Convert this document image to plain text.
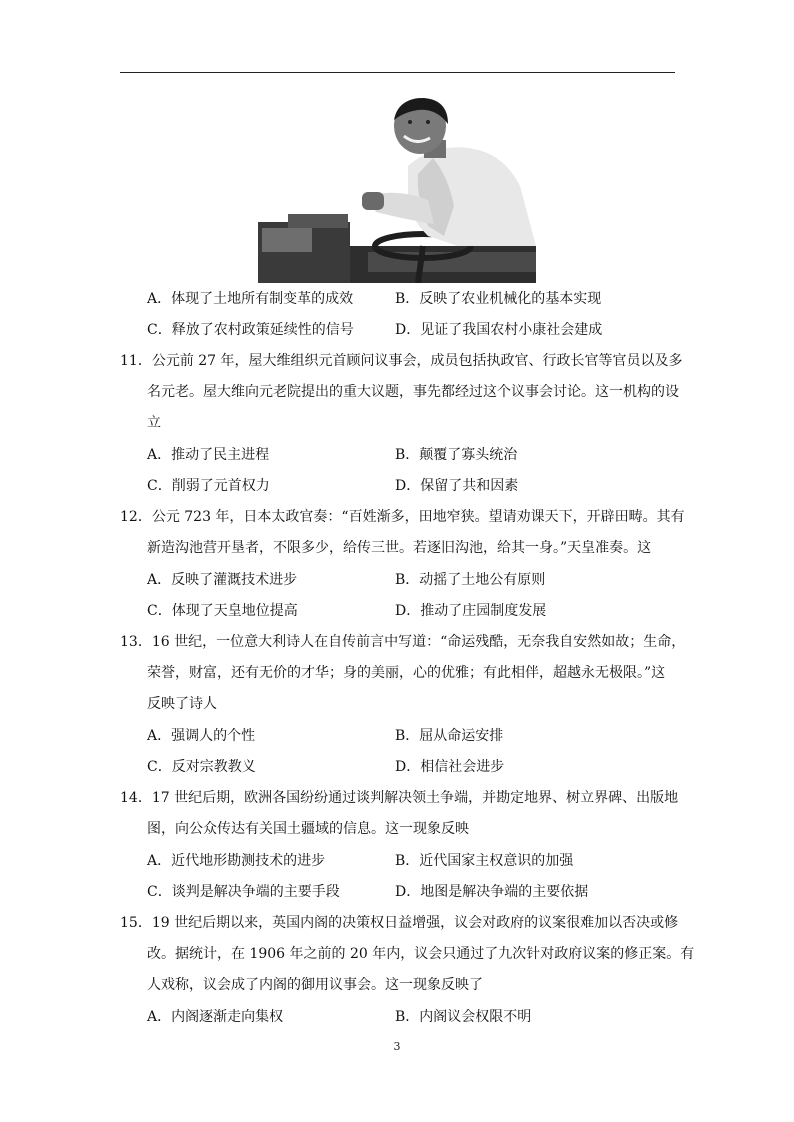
A．体现了土地所有制变革的成效	B．反映了农业机械化的基本实现
C．释放了农村政策延续性的信号	D．见证了我国农村小康社会建成
11．公元前 27 年，屋大维组织元首顾问议事会，成员包括执政官、行政长官等官员以及多
名元老。屋大维向元老院提出的重大议题，事先都经过这个议事会讨论。这一机构的设
立
A．推动了民主进程	B．颠覆了寡头统治
C．削弱了元首权力	D．保留了共和因素
12．公元 723 年，日本太政官奏：“百姓渐多，田地窄狭。望请劝课天下，开辟田畴。其有
新造沟池营开垦者，不限多少，给传三世。若逐旧沟池，给其一身。”天皇准奏。这
A．反映了灌溉技术进步	B．动摇了土地公有原则
C．体现了天皇地位提高	D．推动了庄园制度发展
13．16 世纪，一位意大利诗人在自传前言中写道：“命运残酷，无奈我自安然如故；生命，
荣誉，财富，还有无价的才华；身的美丽，心的优雅；有此相伴，超越永无极限。”这
反映了诗人
A．强调人的个性	B．屈从命运安排
C．反对宗教教义	D．相信社会进步
14．17 世纪后期，欧洲各国纷纷通过谈判解决领土争端，并勘定地界、树立界碑、出版地
图，向公众传达有关国土疆域的信息。这一现象反映
A．近代地形勘测技术的进步	B．近代国家主权意识的加强
C．谈判是解决争端的主要手段	D．地图是解决争端的主要依据
15．19 世纪后期以来，英国内阁的决策权日益增强，议会对政府的议案很难加以否决或修
改。据统计，在 1906 年之前的 20 年内，议会只通过了九次针对政府议案的修正案。有
人戏称，议会成了内阁的御用议事会。这一现象反映了
A．内阁逐渐走向集权	B．内阁议会权限不明
3
